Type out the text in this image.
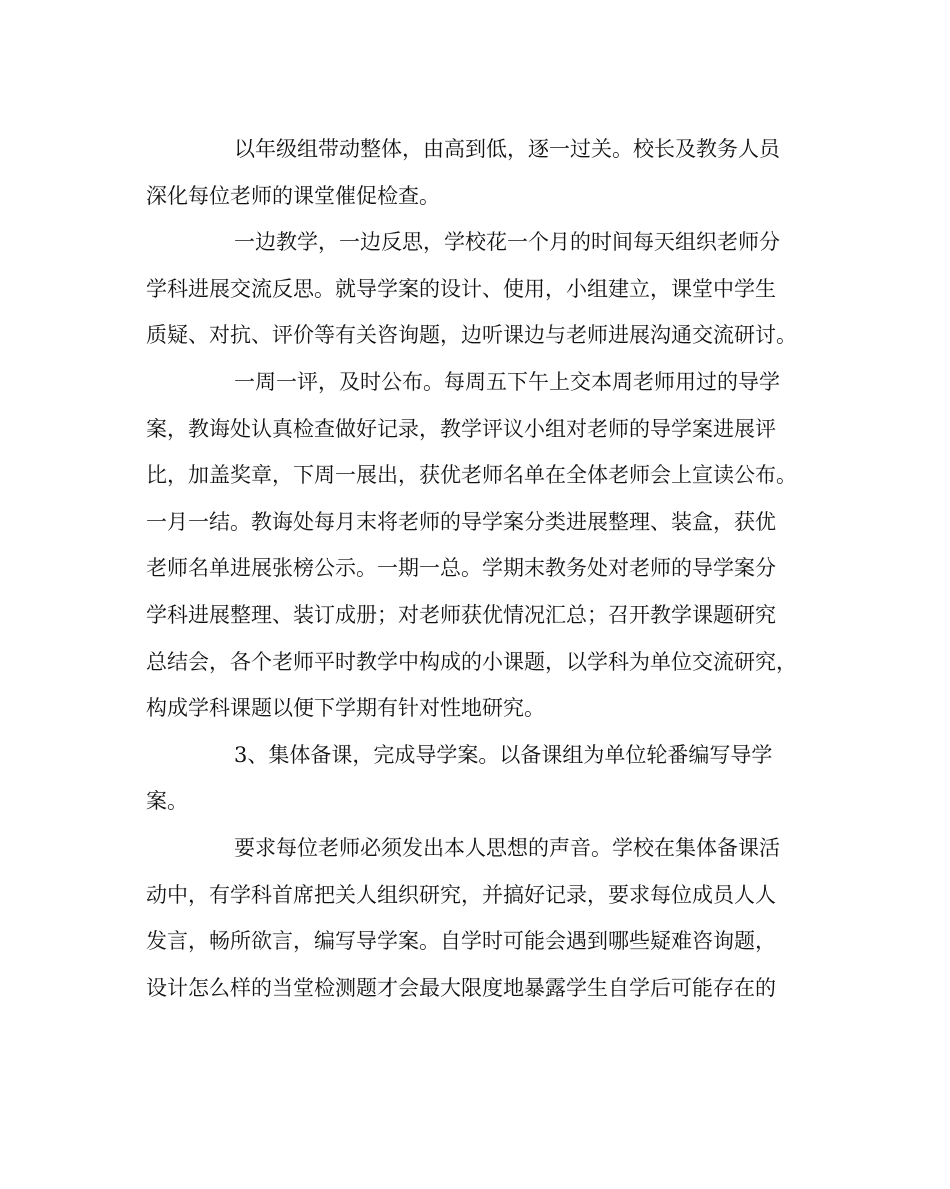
以年级组带动整体，由高到低，逐一过关。校长及教务人员
深化每位老师的课堂催促检查。
一边教学，一边反思，学校花一个月的时间每天组织老师分
学科进展交流反思。就导学案的设计、使用，小组建立，课堂中学生
质疑、对抗、评价等有关咨询题，边听课边与老师进展沟通交流研讨。
一周一评，及时公布。每周五下午上交本周老师用过的导学
案，教诲处认真检查做好记录，教学评议小组对老师的导学案进展评
比，加盖奖章，下周一展出，获优老师名单在全体老师会上宣读公布。
一月一结。教诲处每月末将老师的导学案分类进展整理、装盒，获优
老师名单进展张榜公示。一期一总。学期末教务处对老师的导学案分
学科进展整理、装订成册；对老师获优情况汇总；召开教学课题研究
总结会，各个老师平时教学中构成的小课题，以学科为单位交流研究，
构成学科课题以便下学期有针对性地研究。
3、集体备课，完成导学案。以备课组为单位轮番编写导学
案。
要求每位老师必须发出本人思想的声音。学校在集体备课活
动中，有学科首席把关人组织研究，并搞好记录，要求每位成员人人
发言，畅所欲言，编写导学案。自学时可能会遇到哪些疑难咨询题，
设计怎么样的当堂检测题才会最大限度地暴露学生自学后可能存在的
